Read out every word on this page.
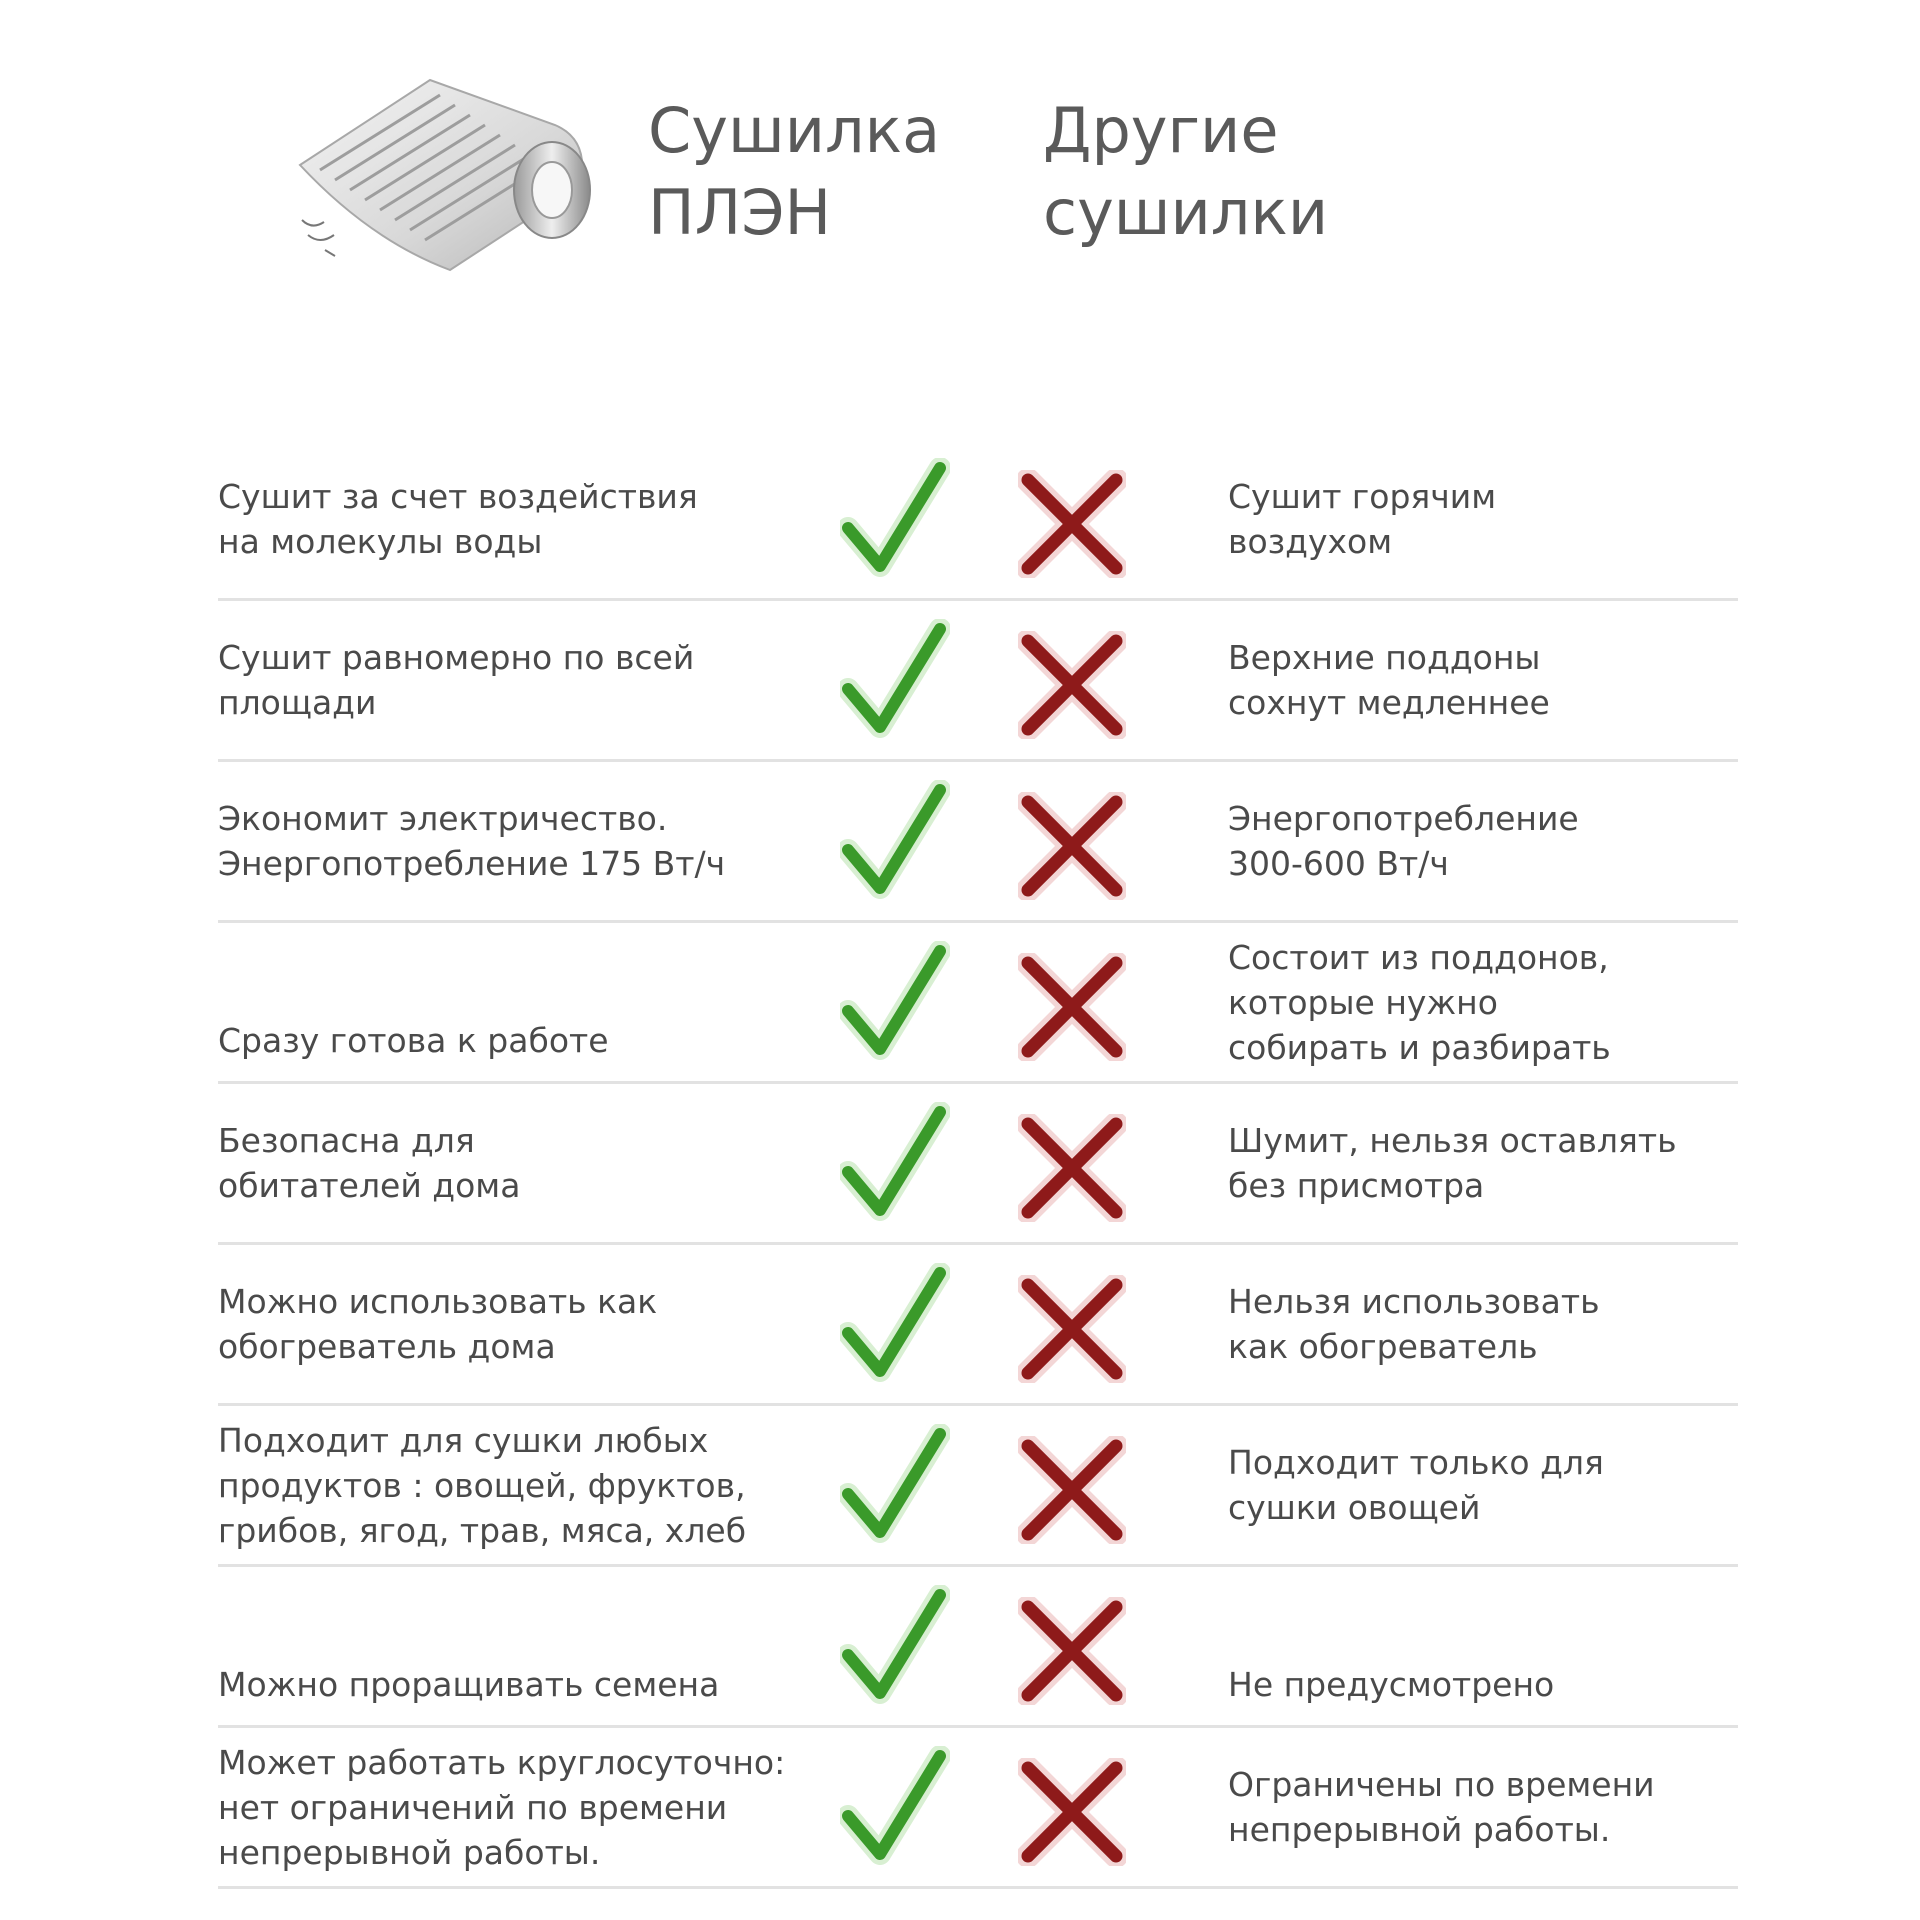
Сушилка
ПЛЭН
Другие
сушилки
Сушит за счет воздействия
на молекулы воды
Сушит горячим
воздухом
Сушит равномерно по всей
площади
Верхние поддоны
сохнут медленнее
Экономит электричество.
Энергопотребление 175 Вт/ч
Энергопотребление
300-600 Вт/ч
Сразу готова к работе
Состоит из поддонов,
которые нужно
собирать и разбирать
Безопасна для
обитателей дома
Шумит, нельзя оставлять
без присмотра
Можно использовать как
обогреватель дома
Нельзя использовать
как обогреватель
Подходит для сушки любых
продуктов : овощей, фруктов,
грибов, ягод, трав, мяса, хлеб
Подходит только для
сушки овощей
Можно проращивать семена	Не предусмотрено
Может работать круглосуточно:
нет ограничений по времени
непрерывной работы.
Ограничены по времени
непрерывной работы.
